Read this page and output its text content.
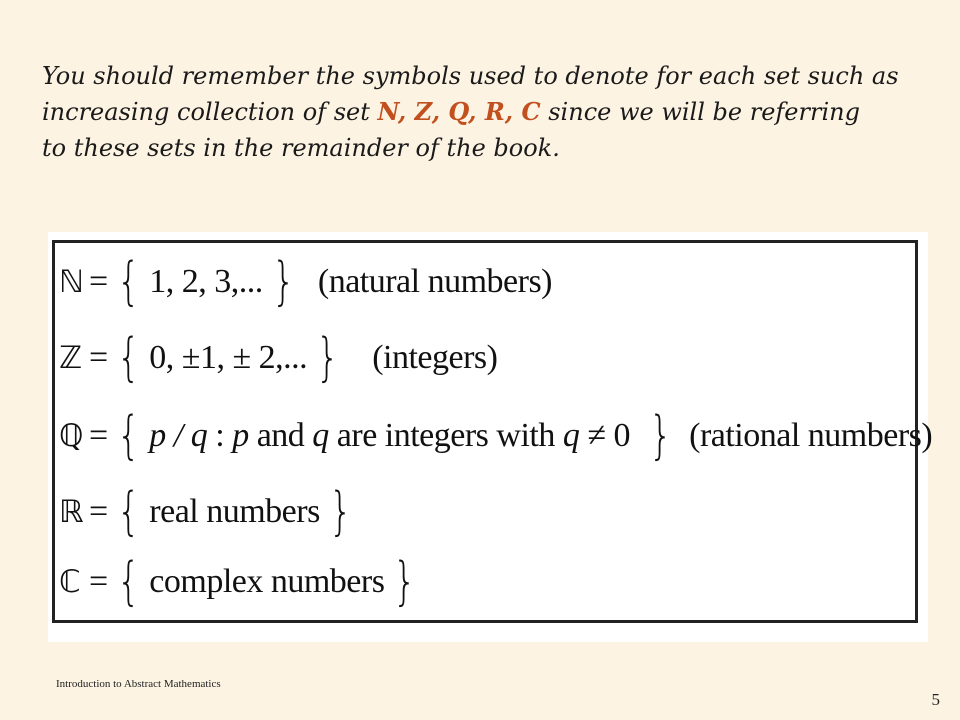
You should remember the symbols used to denote for each set such as
increasing collection of set N, Z, Q, R, C since we will be referring
to these sets in the remainder of the book.

ℕ = { 1, 2, 3,... } (natural numbers)
ℤ = { 0, ±1, ± 2,... } (integers)
ℚ = { p / q : p and q are integers with q ≠ 0 } (rational numbers)
ℝ = { real numbers }
ℂ = { complex numbers }
Introduction to Abstract Mathematics
5
